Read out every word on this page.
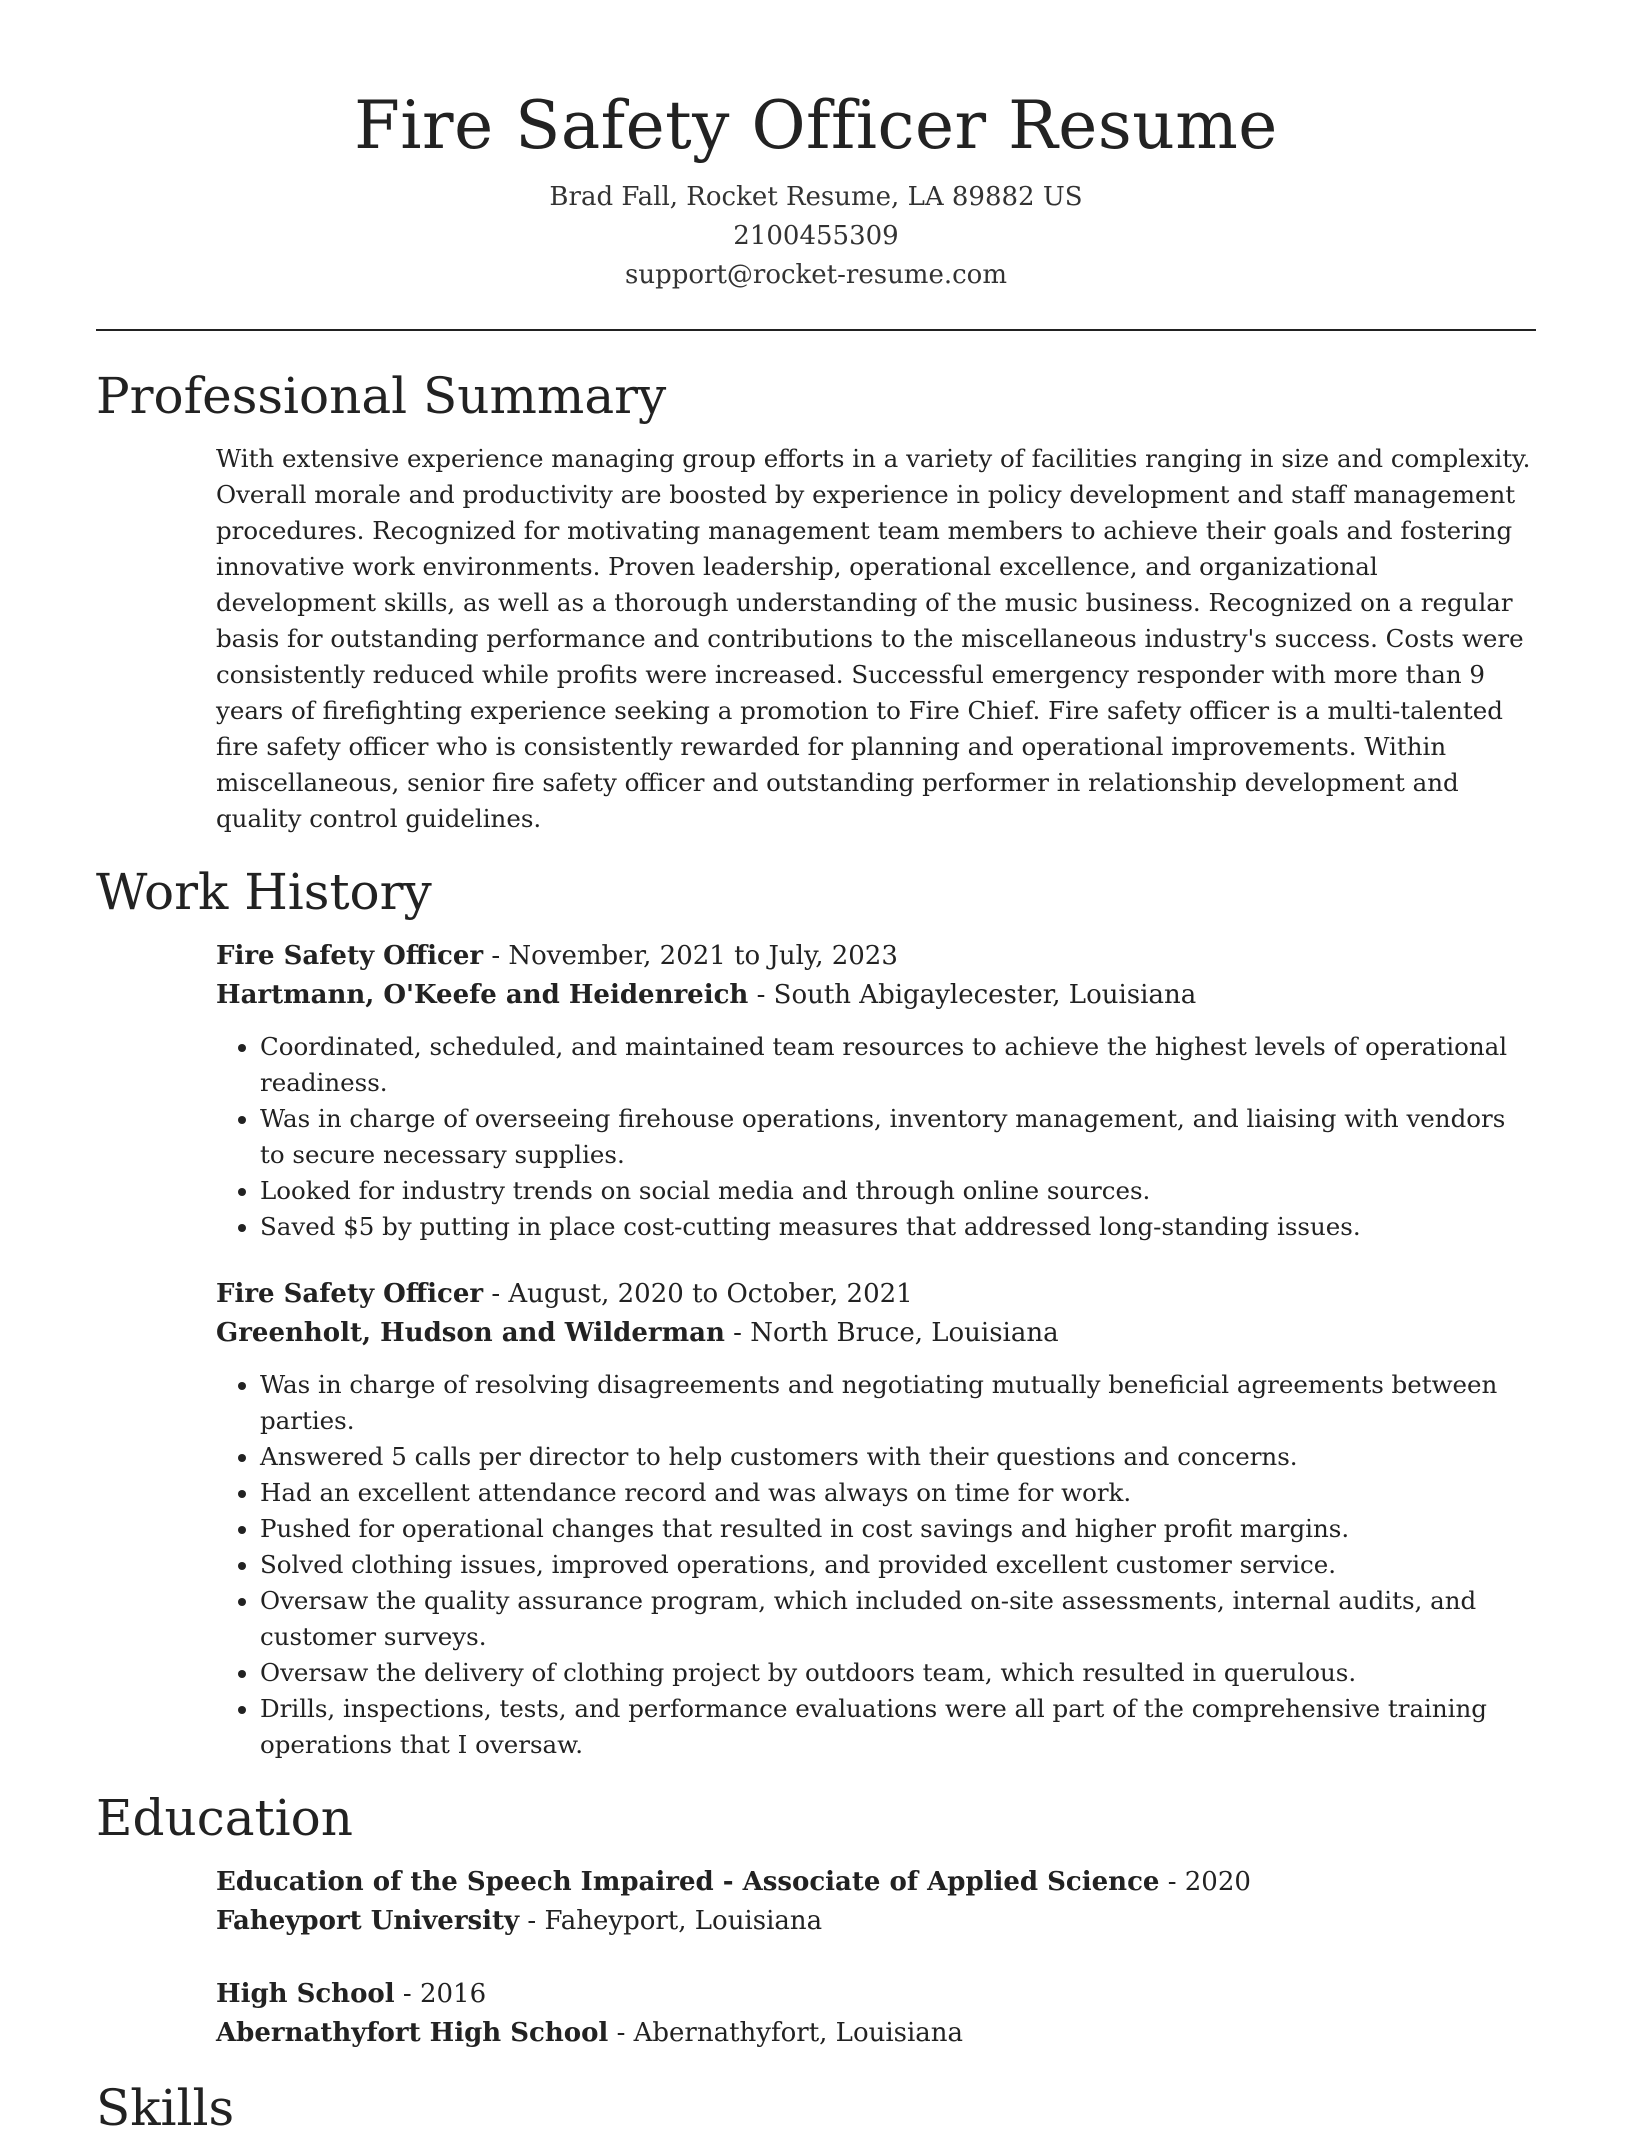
Fire Safety Officer Resume
Brad Fall, Rocket Resume, LA 89882 US
2100455309
support@rocket-resume.com
Professional Summary

With extensive experience managing group efforts in a variety of facilities ranging in size and complexity. Overall morale and productivity are boosted by experience in policy development and staff management procedures. Recognized for motivating management team members to achieve their goals and fostering innovative work environments. Proven leadership, operational excellence, and organizational development skills, as well as a thorough understanding of the music business. Recognized on a regular basis for outstanding performance and contributions to the miscellaneous industry's success. Costs were consistently reduced while profits were increased. Successful emergency responder with more than 9 years of firefighting experience seeking a promotion to Fire Chief. Fire safety officer is a multi-talented fire safety officer who is consistently rewarded for planning and operational improvements. Within miscellaneous, senior fire safety officer and outstanding performer in relationship development and quality control guidelines.

Work History

Fire Safety Officer - November, 2021 to July, 2023

Hartmann, O'Keefe and Heidenreich - South Abigaylecester, Louisiana

• Coordinated, scheduled, and maintained team resources to achieve the highest levels of operational readiness.
• Was in charge of overseeing firehouse operations, inventory management, and liaising with vendors to secure necessary supplies.
• Looked for industry trends on social media and through online sources.
• Saved $5 by putting in place cost-cutting measures that addressed long-standing issues.

Fire Safety Officer - August, 2020 to October, 2021

Greenholt, Hudson and Wilderman - North Bruce, Louisiana

• Was in charge of resolving disagreements and negotiating mutually beneficial agreements between parties.
• Answered 5 calls per director to help customers with their questions and concerns.
• Had an excellent attendance record and was always on time for work.
• Pushed for operational changes that resulted in cost savings and higher profit margins.
• Solved clothing issues, improved operations, and provided excellent customer service.
• Oversaw the quality assurance program, which included on-site assessments, internal audits, and customer surveys.
• Oversaw the delivery of clothing project by outdoors team, which resulted in querulous.
• Drills, inspections, tests, and performance evaluations were all part of the comprehensive training operations that I oversaw.
Education

Education of the Speech Impaired - Associate of Applied Science - 2020

Faheyport University - Faheyport, Louisiana

High School - 2016

Abernathyfort High School - Abernathyfort, Louisiana

Skills
